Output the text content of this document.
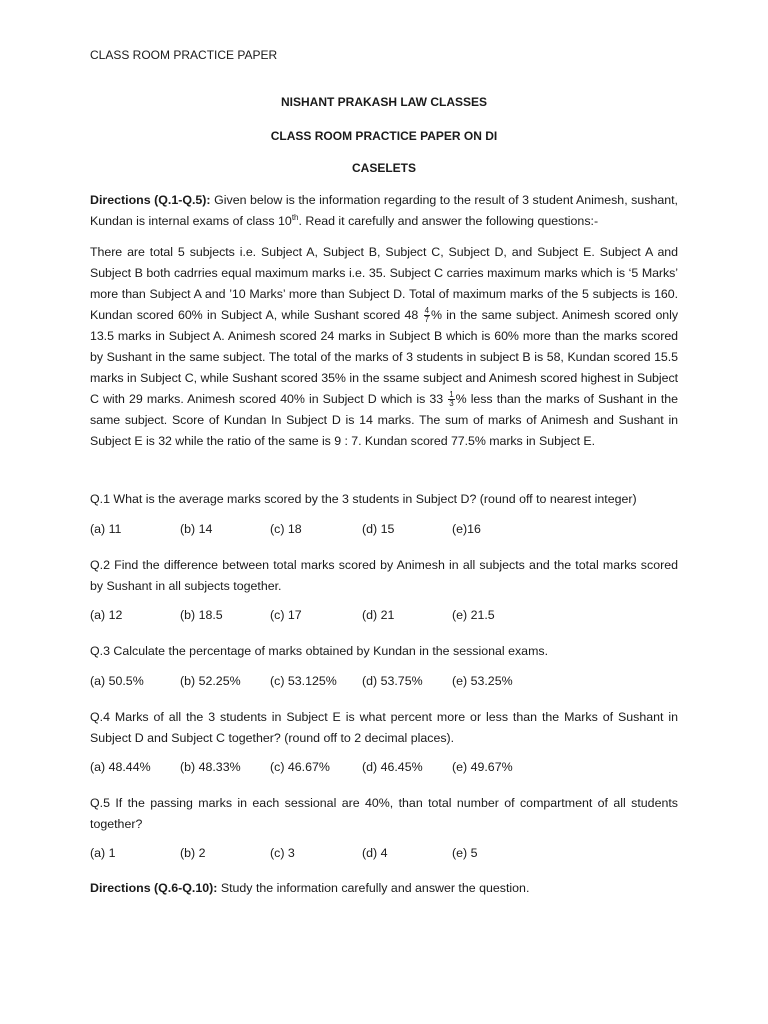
CLASS ROOM PRACTICE PAPER
NISHANT PRAKASH LAW CLASSES
CLASS ROOM PRACTICE PAPER ON DI
CASELETS
Directions (Q.1-Q.5): Given below is the information regarding to the result of 3 student Animesh, sushant, Kundan is internal exams of class 10th. Read it carefully and answer the following questions:-
There are total 5 subjects i.e. Subject A, Subject B, Subject C, Subject D, and Subject E. Subject A and Subject B both cadrries equal maximum marks i.e. 35. Subject C carries maximum marks which is ‘5 Marks’ more than Subject A and ’10 Marks’ more than Subject D. Total of maximum marks of the 5 subjects is 160. Kundan scored 60% in Subject A, while Sushant scored $48 \frac{4}{7}$ % in the same subject. Animesh scored only 13.5 marks in Subject A. Animesh scored 24 marks in Subject B which is 60% more than the marks scored by Sushant in the same subject. The total of the marks of 3 students in subject B is 58, Kundan scored 15.5 marks in Subject C, while Sushant scored 35% in the ssame subject and Animesh scored highest in Subject C with 29 marks. Animesh scored 40% in Subject D which is $33 \frac{1}{3}$ % less than the marks of Sushant in the same subject. Score of Kundan In Subject D is 14 marks. The sum of marks of Animesh and Sushant in Subject E is 32 while the ratio of the same is 9 : 7. Kundan scored 77.5% marks in Subject E.
Q.1 What is the average marks scored by the 3 students in Subject D? (round off to nearest integer)
(a) 11	(b) 14	(c) 18	(d) 15	(e)16
Q.2 Find the difference between total marks scored by Animesh in all subjects and the total marks scored by Sushant in all subjects together.
(a) 12	(b) 18.5	(c) 17	(d) 21	(e) 21.5
Q.3 Calculate the percentage of marks obtained by Kundan in the sessional exams.
(a) 50.5%	(b) 52.25% (c) 53.125% (d) 53.75% (e) 53.25%
Q.4 Marks of all the 3 students in Subject E is what percent more or less than the Marks of Sushant in Subject D and Subject C together? (round off to 2 decimal places).
(a) 48.44% (b) 48.33% (c) 46.67%	(d) 46.45% (e) 49.67%
Q.5 If the passing marks in each sessional are 40%, than total number of compartment of all students together?
(a) 1	(b) 2	(c) 3	(d) 4	(e) 5
Directions (Q.6-Q.10): Study the information carefully and answer the question.
